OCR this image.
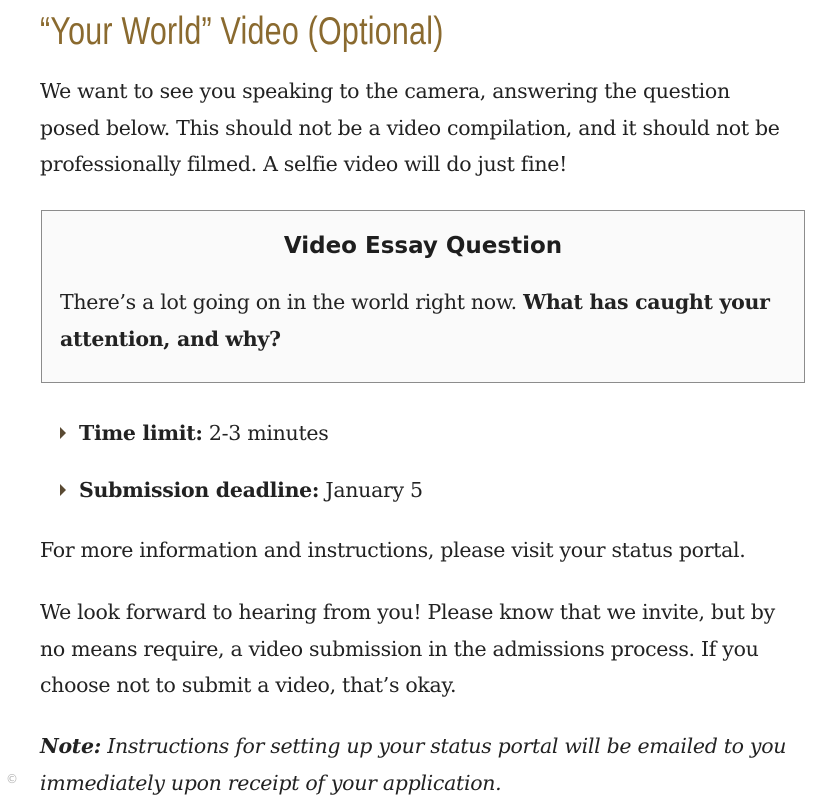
“Your World” Video (Optional)

We want to see you speaking to the camera, answering the question posed below. This should not be a video compilation, and it should not be professionally filmed. A selfie video will do just fine!

Video Essay Question

There’s a lot going on in the world right now. What has caught your attention, and why?

Time limit: 2-3 minutes
Submission deadline: January 5

For more information and instructions, please visit your status portal.

We look forward to hearing from you! Please know that we invite, but by no means require, a video submission in the admissions process. If you choose not to submit a video, that’s okay.

Note: Instructions for setting up your status portal will be emailed to you immediately upon receipt of your application.

©
